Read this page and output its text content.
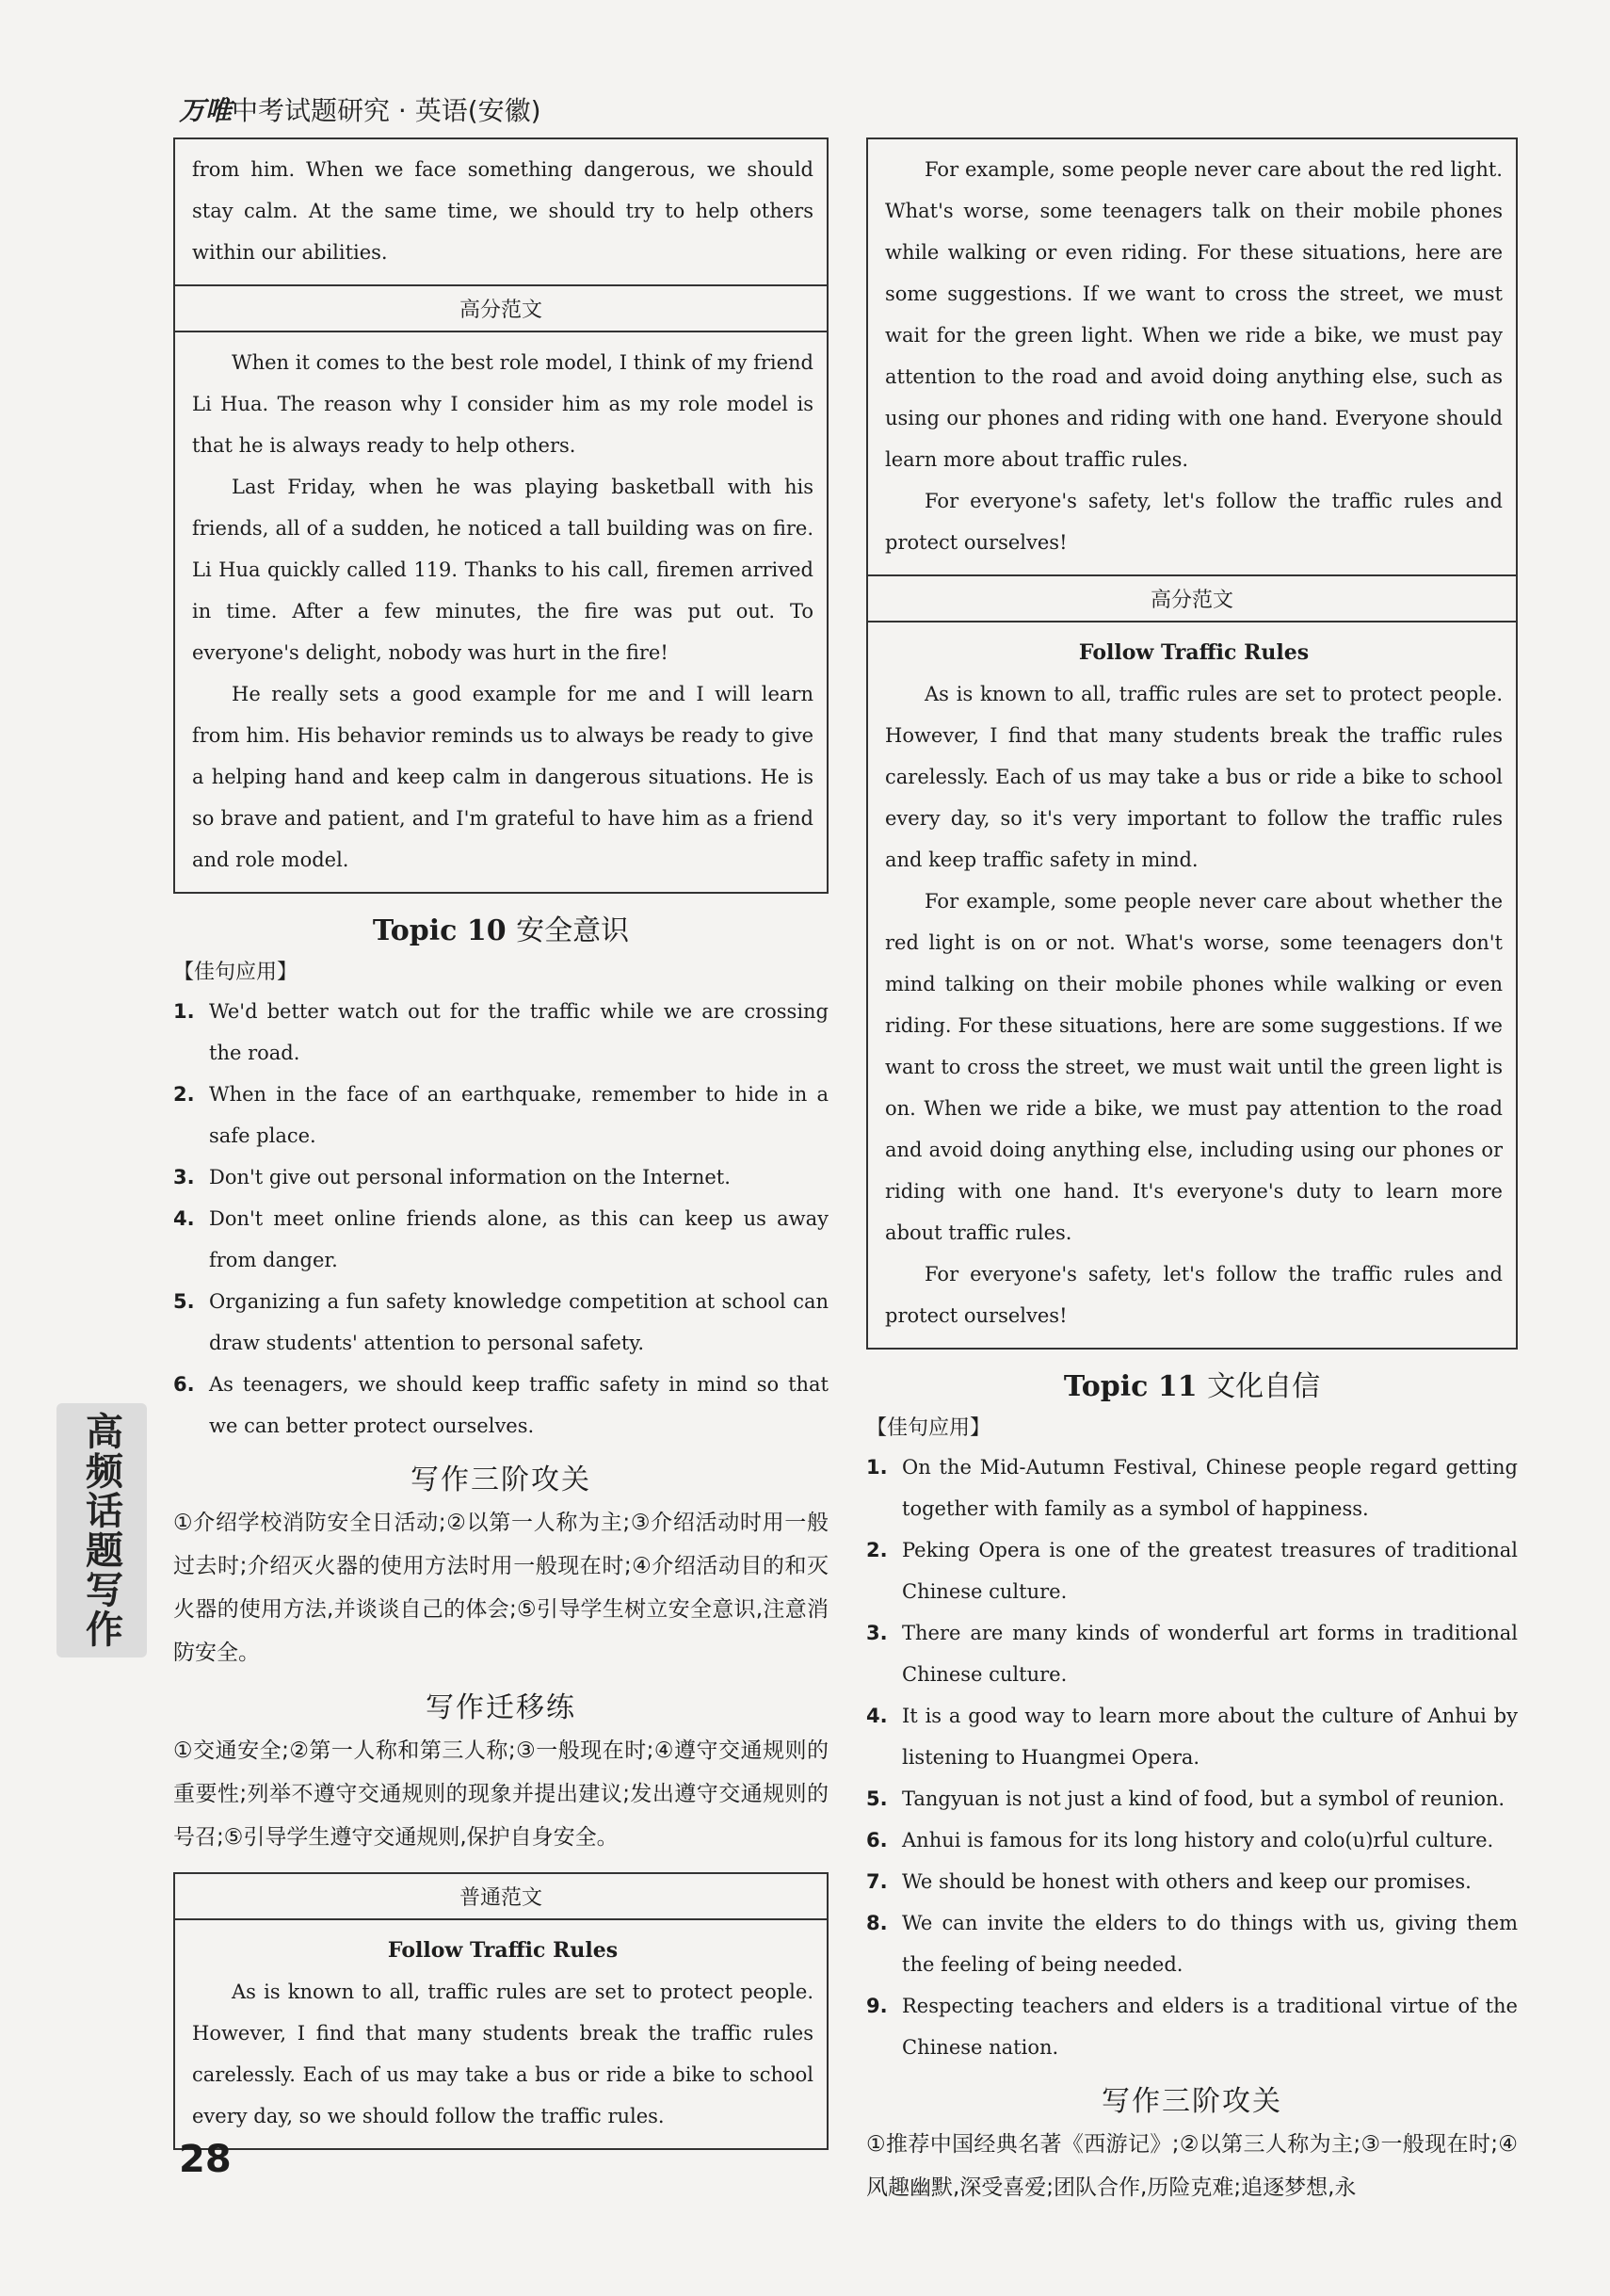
万唯中考试题研究 · 英语(安徽)

from him. When we face something dangerous, we should stay calm. At the same time, we should try to help others within our abilities.

高分范文

When it comes to the best role model, I think of my friend Li Hua. The reason why I consider him as my role model is that he is always ready to help others.

Last Friday, when he was playing basketball with his friends, all of a sudden, he noticed a tall building was on fire. Li Hua quickly called 119. Thanks to his call, firemen arrived in time. After a few minutes, the fire was put out. To everyone's delight, nobody was hurt in the fire!

He really sets a good example for me and I will learn from him. His behavior reminds us to always be ready to give a helping hand and keep calm in dangerous situations. He is so brave and patient, and I'm grateful to have him as a friend and role model.

Topic 10 安全意识
【佳句应用】
1. We'd better watch out for the traffic while we are crossing the road.
2. When in the face of an earthquake, remember to hide in a safe place.
3. Don't give out personal information on the Internet.
4. Don't meet online friends alone, as this can keep us away from danger.
5. Organizing a fun safety knowledge competition at school can draw students' attention to personal safety.
6. As teenagers, we should keep traffic safety in mind so that we can better protect ourselves.
写作三阶攻关

①介绍学校消防安全日活动;②以第一人称为主;③介绍活动时用一般过去时;介绍灭火器的使用方法时用一般现在时;④介绍活动目的和灭火器的使用方法,并谈谈自己的体会;⑤引导学生树立安全意识,注意消防安全。

写作迁移练

①交通安全;②第一人称和第三人称;③一般现在时;④遵守交通规则的重要性;列举不遵守交通规则的现象并提出建议;发出遵守交通规则的号召;⑤引导学生遵守交通规则,保护自身安全。

普通范文

Follow Traffic Rules

As is known to all, traffic rules are set to protect people. However, I find that many students break the traffic rules carelessly. Each of us may take a bus or ride a bike to school every day, so we should follow the traffic rules.

For example, some people never care about the red light. What's worse, some teenagers talk on their mobile phones while walking or even riding. For these situations, here are some suggestions. If we want to cross the street, we must wait for the green light. When we ride a bike, we must pay attention to the road and avoid doing anything else, such as using our phones and riding with one hand. Everyone should learn more about traffic rules.

For everyone's safety, let's follow the traffic rules and protect ourselves!

高分范文

Follow Traffic Rules

As is known to all, traffic rules are set to protect people. However, I find that many students break the traffic rules carelessly. Each of us may take a bus or ride a bike to school every day, so it's very important to follow the traffic rules and keep traffic safety in mind.

For example, some people never care about whether the red light is on or not. What's worse, some teenagers don't mind talking on their mobile phones while walking or even riding. For these situations, here are some suggestions. If we want to cross the street, we must wait until the green light is on. When we ride a bike, we must pay attention to the road and avoid doing anything else, including using our phones or riding with one hand. It's everyone's duty to learn more about traffic rules.

For everyone's safety, let's follow the traffic rules and protect ourselves!

Topic 11 文化自信
【佳句应用】
1. On the Mid-Autumn Festival, Chinese people regard getting together with family as a symbol of happiness.
2. Peking Opera is one of the greatest treasures of traditional Chinese culture.
3. There are many kinds of wonderful art forms in traditional Chinese culture.
4. It is a good way to learn more about the culture of Anhui by listening to Huangmei Opera.
5. Tangyuan is not just a kind of food, but a symbol of reunion.
6. Anhui is famous for its long history and colo(u)rful culture.
7. We should be honest with others and keep our promises.
8. We can invite the elders to do things with us, giving them the feeling of being needed.
9. Respecting teachers and elders is a traditional virtue of the Chinese nation.
写作三阶攻关

①推荐中国经典名著《西游记》;②以第三人称为主;③一般现在时;④风趣幽默,深受喜爱;团队合作,历险克难;追逐梦想,永

高频话题写作
28
